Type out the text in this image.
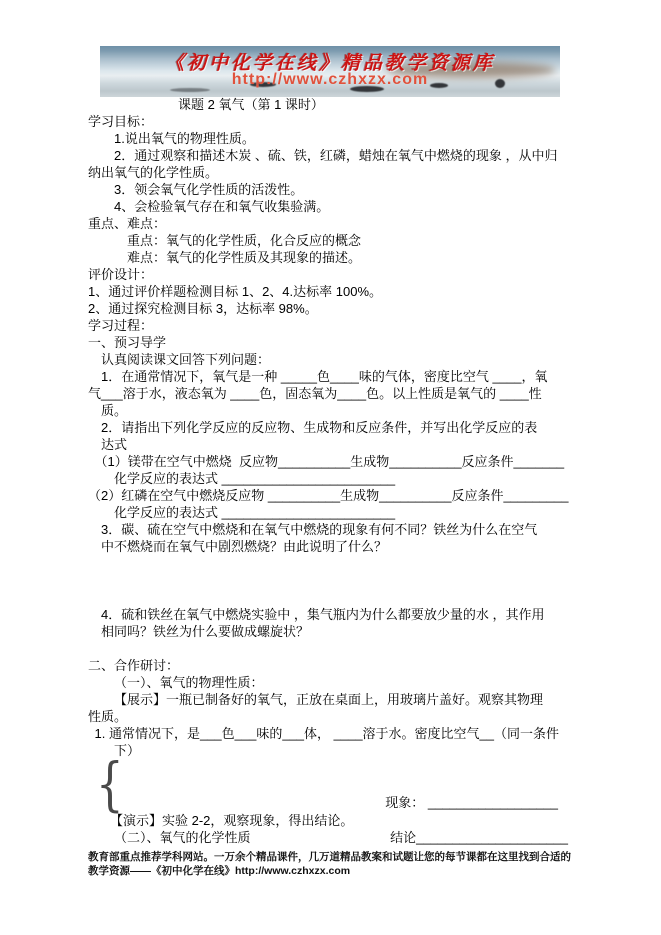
《初中化学在线》精品教学资源库
http://www.czhxzx.com

课题 2 氧气（第 1 课时）

学习目标：

1.说出氧气的物理性质。

2．通过观察和描述木炭 、硫、铁，红磷，蜡烛在氧气中燃烧的现象 ，从中归

纳出氧气的化学性质。

3．领会氧气化学性质的活泼性。

4、会检验氧气存在和氧气收集验满。

重点、难点：

重点：氧气的化学性质，化合反应的概念

难点：氧气的化学性质及其现象的描述。

评价设计：

1、通过评价样题检测目标 1、2、4.达标率 100%。

2、通过探究检测目标 3，达标率 98%。

学习过程：

一、预习导学

认真阅读课文回答下列问题：

1．在通常情况下，氧气是一种 _____色____味的气体，密度比空气 ____，氧

气___溶于水，液态氧为 ____色，固态氧为____色。以上性质是氧气的 ____性

质。

2．请指出下列化学反应的反应物、生成物和反应条件，并写出化学反应的表

达式

（1）镁带在空气中燃烧  反应物__________生成物__________反应条件_______

化学反应的表达式 ________________________

（2）红磷在空气中燃烧反应物 __________生成物__________反应条件_________

化学反应的表达式 ________________________

3．碳、硫在空气中燃烧和在氧气中燃烧的现象有何不同？铁丝为什么在空气

中不燃烧而在氧气中剧烈燃烧？由此说明了什么？

4．硫和铁丝在氧气中燃烧实验中 ，集气瓶内为什么都要放少量的水 ，其作用

相同吗？铁丝为什么要做成螺旋状？

二、合作研讨：

（一）、氧气的物理性质：

【展示】一瓶已制备好的氧气，正放在桌面上，用玻璃片盖好。观察其物理

性质。

1. 通常情况下，是___色___味的___体， ____溶于水。密度比空气__（同一条件

下）

{	现象： __________________

【演示】实验 2-2，观察现象，得出结论。

（二）、氧气的化学性质	结论_____________________

教育部重点推荐学科网站。一万余个精品课件，几万道精品教案和试题让您的每节课都在这里找到合适的

教学资源——《初中化学在线》http://www.czhxzx.com
